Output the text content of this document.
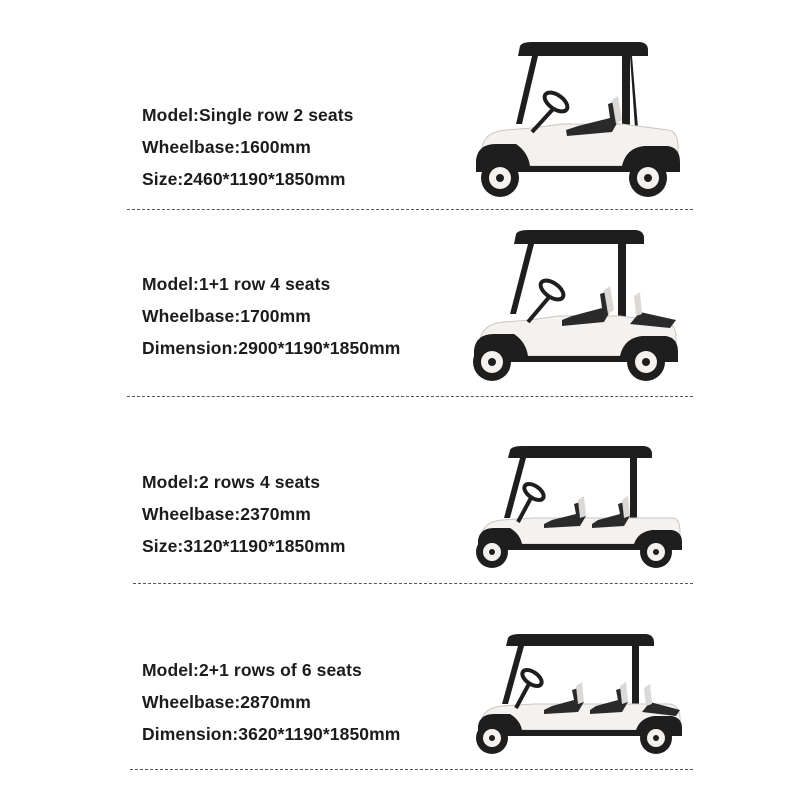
Model:Single row 2 seats
Wheelbase:1600mm
Size:2460*1190*1850mm
Model:1+1 row 4 seats
Wheelbase:1700mm
Dimension:2900*1190*1850mm
Model:2 rows 4 seats
Wheelbase:2370mm
Size:3120*1190*1850mm
Model:2+1 rows of 6 seats
Wheelbase:2870mm
Dimension:3620*1190*1850mm
